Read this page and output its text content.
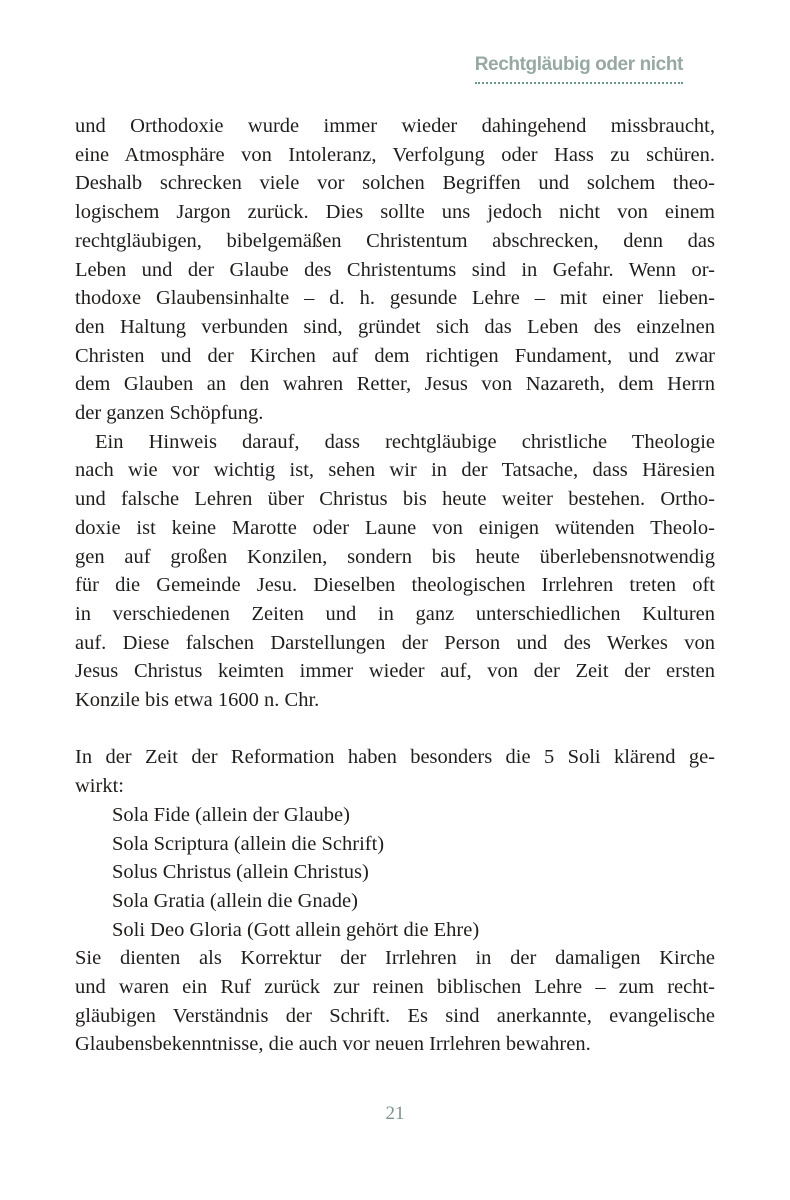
Rechtgläubig oder nicht
und Orthodoxie wurde immer wieder dahingehend missbraucht,
eine Atmosphäre von Intoleranz, Verfolgung oder Hass zu schüren.
Deshalb schrecken viele vor solchen Begriffen und solchem theo-
logischem Jargon zurück. Dies sollte uns jedoch nicht von einem
rechtgläubigen, bibelgemäßen Christentum abschrecken, denn das
Leben und der Glaube des Christentums sind in Gefahr. Wenn or-
thodoxe Glaubensinhalte – d. h. gesunde Lehre – mit einer lieben-
den Haltung verbunden sind, gründet sich das Leben des einzelnen
Christen und der Kirchen auf dem richtigen Fundament, und zwar
dem Glauben an den wahren Retter, Jesus von Nazareth, dem Herrn
der ganzen Schöpfung.
Ein Hinweis darauf, dass rechtgläubige christliche Theologie
nach wie vor wichtig ist, sehen wir in der Tatsache, dass Häresien
und falsche Lehren über Christus bis heute weiter bestehen. Ortho-
doxie ist keine Marotte oder Laune von einigen wütenden Theolo-
gen auf großen Konzilen, sondern bis heute überlebensnotwendig
für die Gemeinde Jesu. Dieselben theologischen Irrlehren treten oft
in verschiedenen Zeiten und in ganz unterschiedlichen Kulturen
auf. Diese falschen Darstellungen der Person und des Werkes von
Jesus Christus keimten immer wieder auf, von der Zeit der ersten
Konzile bis etwa 1600 n. Chr.
In der Zeit der Reformation haben besonders die 5 Soli klärend ge-
wirkt:
Sola Fide (allein der Glaube)
Sola Scriptura (allein die Schrift)
Solus Christus (allein Christus)
Sola Gratia (allein die Gnade)
Soli Deo Gloria (Gott allein gehört die Ehre)
Sie dienten als Korrektur der Irrlehren in der damaligen Kirche
und waren ein Ruf zurück zur reinen biblischen Lehre – zum recht-
gläubigen Verständnis der Schrift. Es sind anerkannte, evangelische
Glaubensbekenntnisse, die auch vor neuen Irrlehren bewahren.
21
